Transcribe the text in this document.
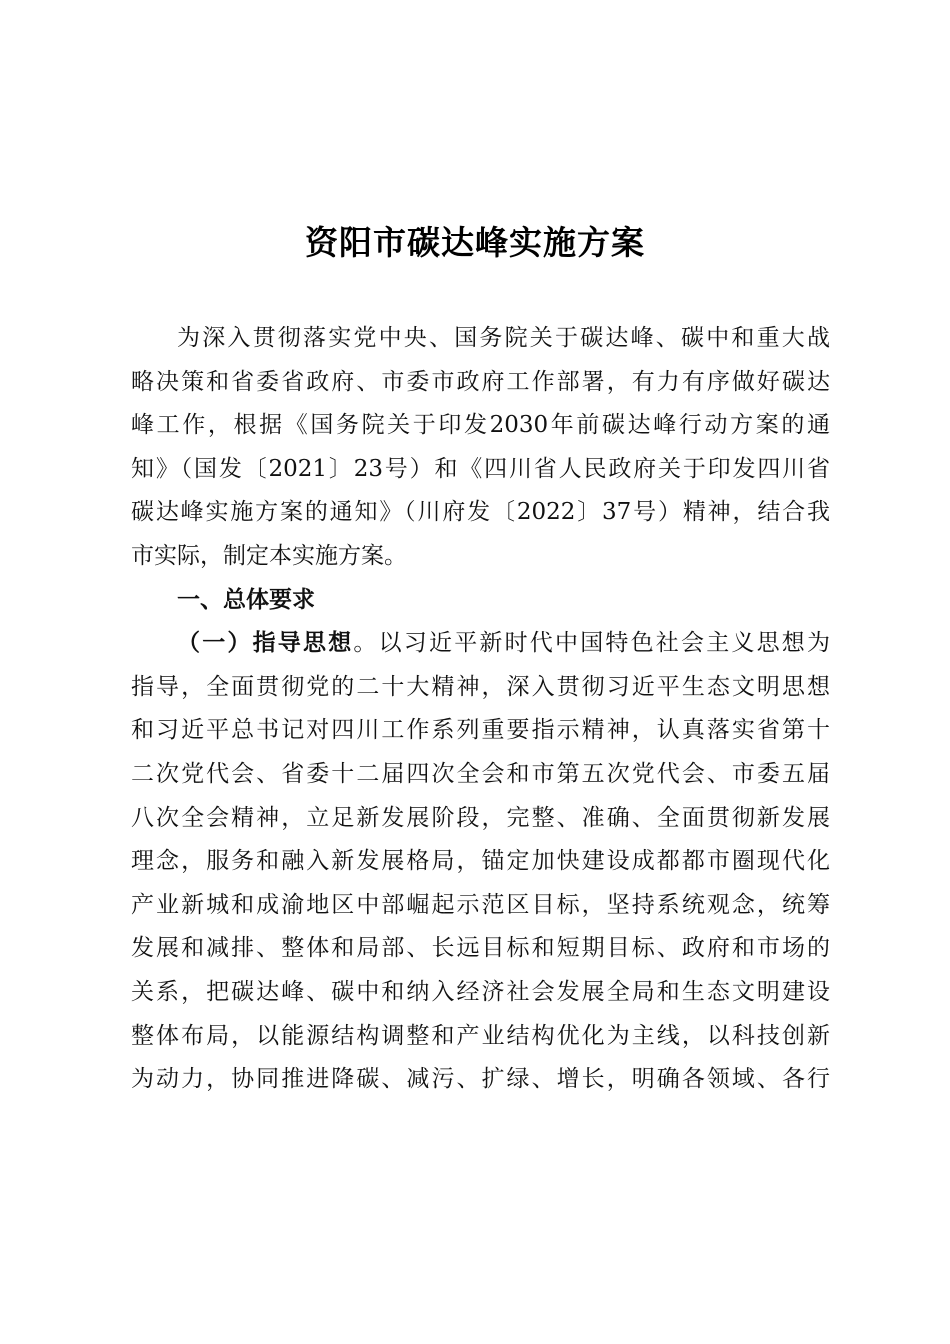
资阳市碳达峰实施方案
为深入贯彻落实党中央、国务院关于碳达峰、碳中和重大战
略决策和省委省政府、市委市政府工作部署，有力有序做好碳达
峰工作，根据《国务院关于印发2030年前碳达峰行动方案的通
知》（国发〔2021〕23号）和《四川省人民政府关于印发四川省
碳达峰实施方案的通知》（川府发〔2022〕37号）精神，结合我
市实际，制定本实施方案。
一、总体要求
（一）指导思想。以习近平新时代中国特色社会主义思想为
指导，全面贯彻党的二十大精神，深入贯彻习近平生态文明思想
和习近平总书记对四川工作系列重要指示精神，认真落实省第十
二次党代会、省委十二届四次全会和市第五次党代会、市委五届
八次全会精神，立足新发展阶段，完整、准确、全面贯彻新发展
理念，服务和融入新发展格局，锚定加快建设成都都市圈现代化
产业新城和成渝地区中部崛起示范区目标，坚持系统观念，统筹
发展和减排、整体和局部、长远目标和短期目标、政府和市场的
关系，把碳达峰、碳中和纳入经济社会发展全局和生态文明建设
整体布局，以能源结构调整和产业结构优化为主线，以科技创新
为动力，协同推进降碳、减污、扩绿、增长，明确各领域、各行
